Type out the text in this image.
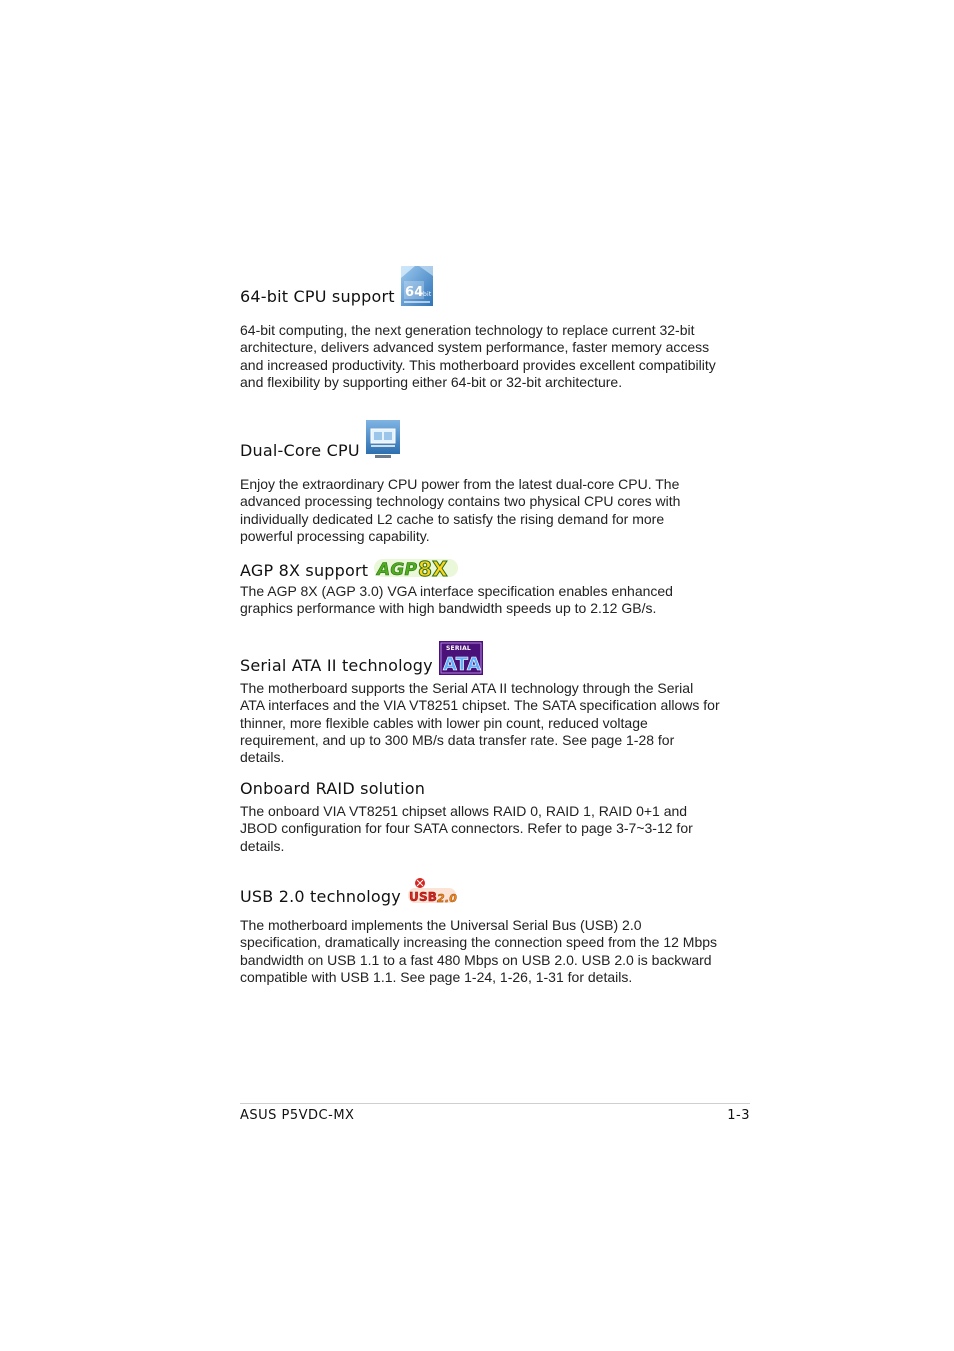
64-bit CPU support 64 bit

64-bit computing, the next generation technology to replace current 32-bit architecture, delivers advanced system performance, faster memory access and increased productivity. This motherboard provides excellent compatibility and flexibility by supporting either 64-bit or 32-bit architecture.

Dual-Core CPU

Enjoy the extraordinary CPU power from the latest dual-core CPU. The advanced processing technology contains two physical CPU cores with individually dedicated L2 cache to satisfy the rising demand for more powerful processing capability.

AGP 8X support AGP 8X

The AGP 8X (AGP 3.0) VGA interface specification enables enhanced graphics performance with high bandwidth speeds up to 2.12 GB/s.

Serial ATA II technology
SERIAL
ATA

The motherboard supports the Serial ATA II technology through the Serial ATA interfaces and the VIA VT8251 chipset. The SATA specification allows for thinner, more flexible cables with lower pin count, reduced voltage requirement, and up to 300 MB/s data transfer rate. See page 1-28 for details.

Onboard RAID solution

The onboard VIA VT8251 chipset allows RAID 0, RAID 1, RAID 0+1 and JBOD configuration for four SATA connectors. Refer to page 3-7~3-12 for details.

USB 2.0 technology USB 2.0

The motherboard implements the Universal Serial Bus (USB) 2.0 specification, dramatically increasing the connection speed from the 12 Mbps bandwidth on USB 1.1 to a fast 480 Mbps on USB 2.0. USB 2.0 is backward compatible with USB 1.1. See page 1-24, 1-26, 1-31 for details.

ASUS P5VDC-MX	1-3
